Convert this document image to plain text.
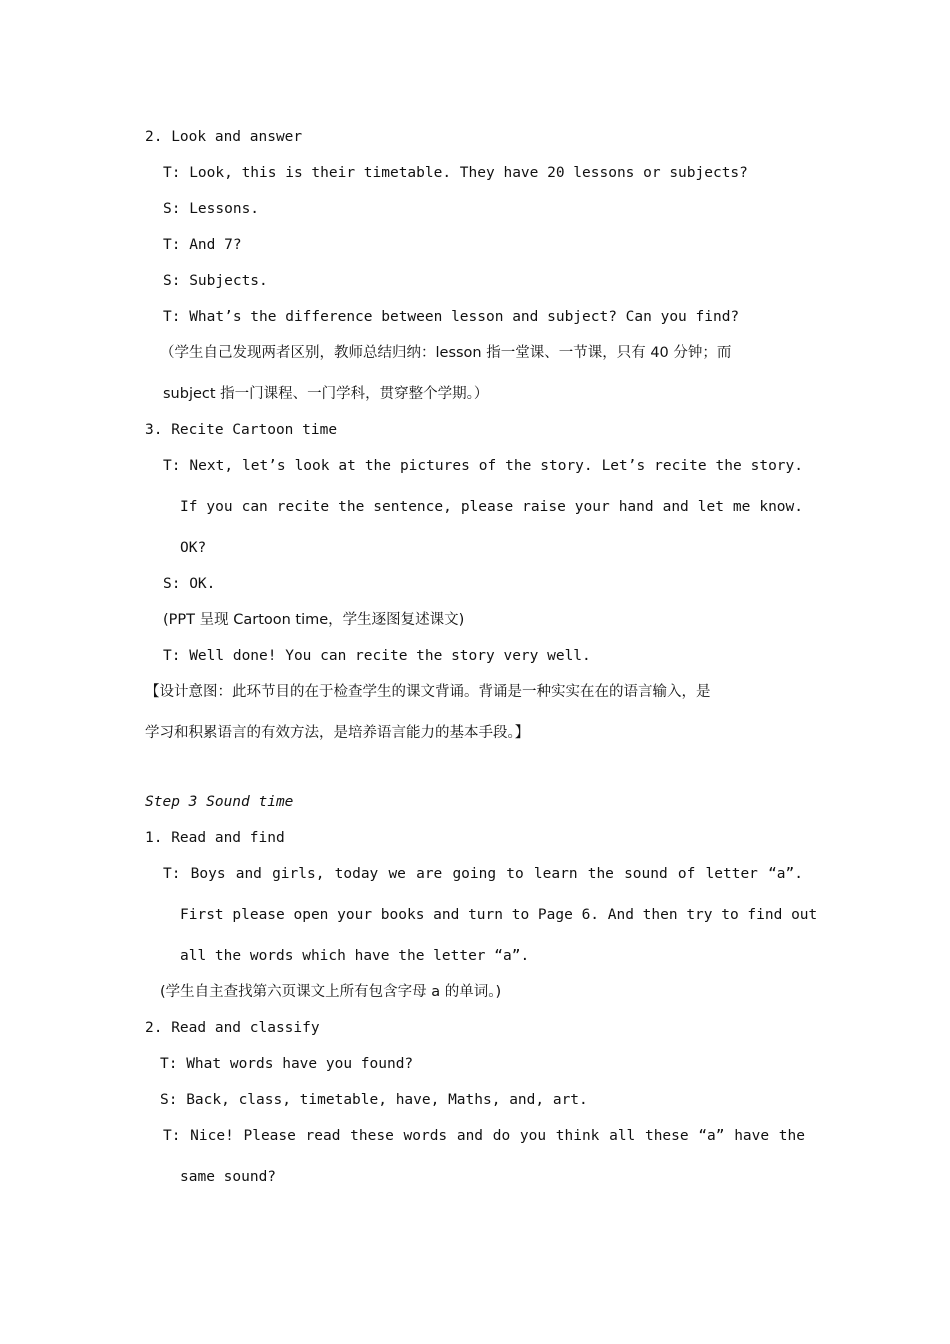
2. Look and answer
T: Look, this is their timetable. They have 20 lessons or subjects?
S: Lessons.
T: And 7?
S: Subjects.
T: What’s the difference between lesson and subject? Can you find?
（学生自己发现两者区别，教师总结归纳：lesson 指一堂课、一节课，只有 40 分钟；而
subject 指一门课程、一门学科，贯穿整个学期。）
3. Recite Cartoon time
T: Next, let’s look at the pictures of the story. Let’s recite the story.
If you can recite the sentence, please raise your hand and let me know.
OK?
S: OK.
(PPT 呈现 Cartoon time，学生逐图复述课文)
T: Well done! You can recite the story very well.
【设计意图：此环节目的在于检查学生的课文背诵。背诵是一种实实在在的语言输入，是
学习和积累语言的有效方法，是培养语言能力的基本手段。】
Step 3 Sound time
1. Read and find
T: Boys and girls, today we are going to learn the sound of letter “a”.
First please open your books and turn to Page 6. And then try to find out
all the words which have the letter “a”.
(学生自主查找第六页课文上所有包含字母 a 的单词。)
2. Read and classify
T: What words have you found?
S: Back, class, timetable, have, Maths, and, art.
T: Nice! Please read these words and do you think all these “a” have the
same sound?
